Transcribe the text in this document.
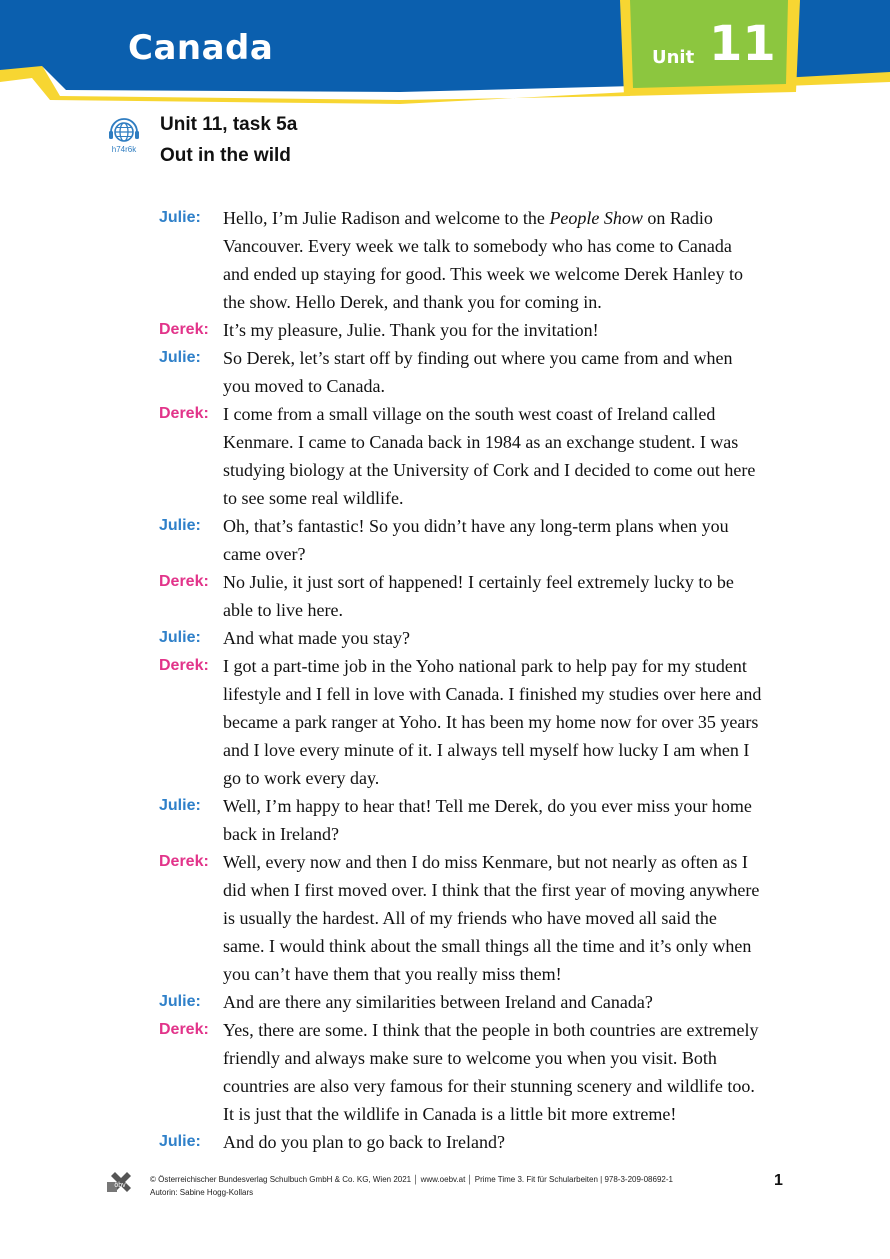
Canada	Unit 11
h74r6k
Unit 11, task 5a
Out in the wild
Julie:	Hello, I’m Julie Radison and welcome to the People Show on Radio
Vancouver. Every week we talk to somebody who has come to Canada
and ended up staying for good. This week we welcome Derek Hanley to
the show. Hello Derek, and thank you for coming in.
Derek: It’s my pleasure, Julie. Thank you for the invitation!
Julie:	So Derek, let’s start off by finding out where you came from and when
you moved to Canada.
Derek: I come from a small village on the south west coast of Ireland called
Kenmare. I came to Canada back in 1984 as an exchange student. I was
studying biology at the University of Cork and I decided to come out here
to see some real wildlife.
Julie:	Oh, that’s fantastic! So you didn’t have any long-term plans when you
came over?
Derek: No Julie, it just sort of happened! I certainly feel extremely lucky to be
able to live here.
Julie:	And what made you stay?
Derek: I got a part-time job in the Yoho national park to help pay for my student
lifestyle and I fell in love with Canada. I finished my studies over here and
became a park ranger at Yoho. It has been my home now for over 35 years
and I love every minute of it. I always tell myself how lucky I am when I
go to work every day.
Julie:	Well, I’m happy to hear that! Tell me Derek, do you ever miss your home
back in Ireland?
Derek: Well, every now and then I do miss Kenmare, but not nearly as often as I
did when I first moved over. I think that the first year of moving anywhere
is usually the hardest. All of my friends who have moved all said the
same. I would think about the small things all the time and it’s only when
you can’t have them that you really miss them!
Julie:	And are there any similarities between Ireland and Canada?
Derek: Yes, there are some. I think that the people in both countries are extremely
friendly and always make sure to welcome you when you visit. Both
countries are also very famous for their stunning scenery and wildlife too.
It is just that the wildlife in Canada is a little bit more extreme!
Julie:	And do you plan to go back to Ireland?
öbv
© Österreichischer Bundesverlag Schulbuch GmbH & Co. KG, Wien 2021 │ www.oebv.at │ Prime Time 3. Fit für Schularbeiten | 978-3-209-08692-1
Autorin: Sabine Hogg-Kollars
1
